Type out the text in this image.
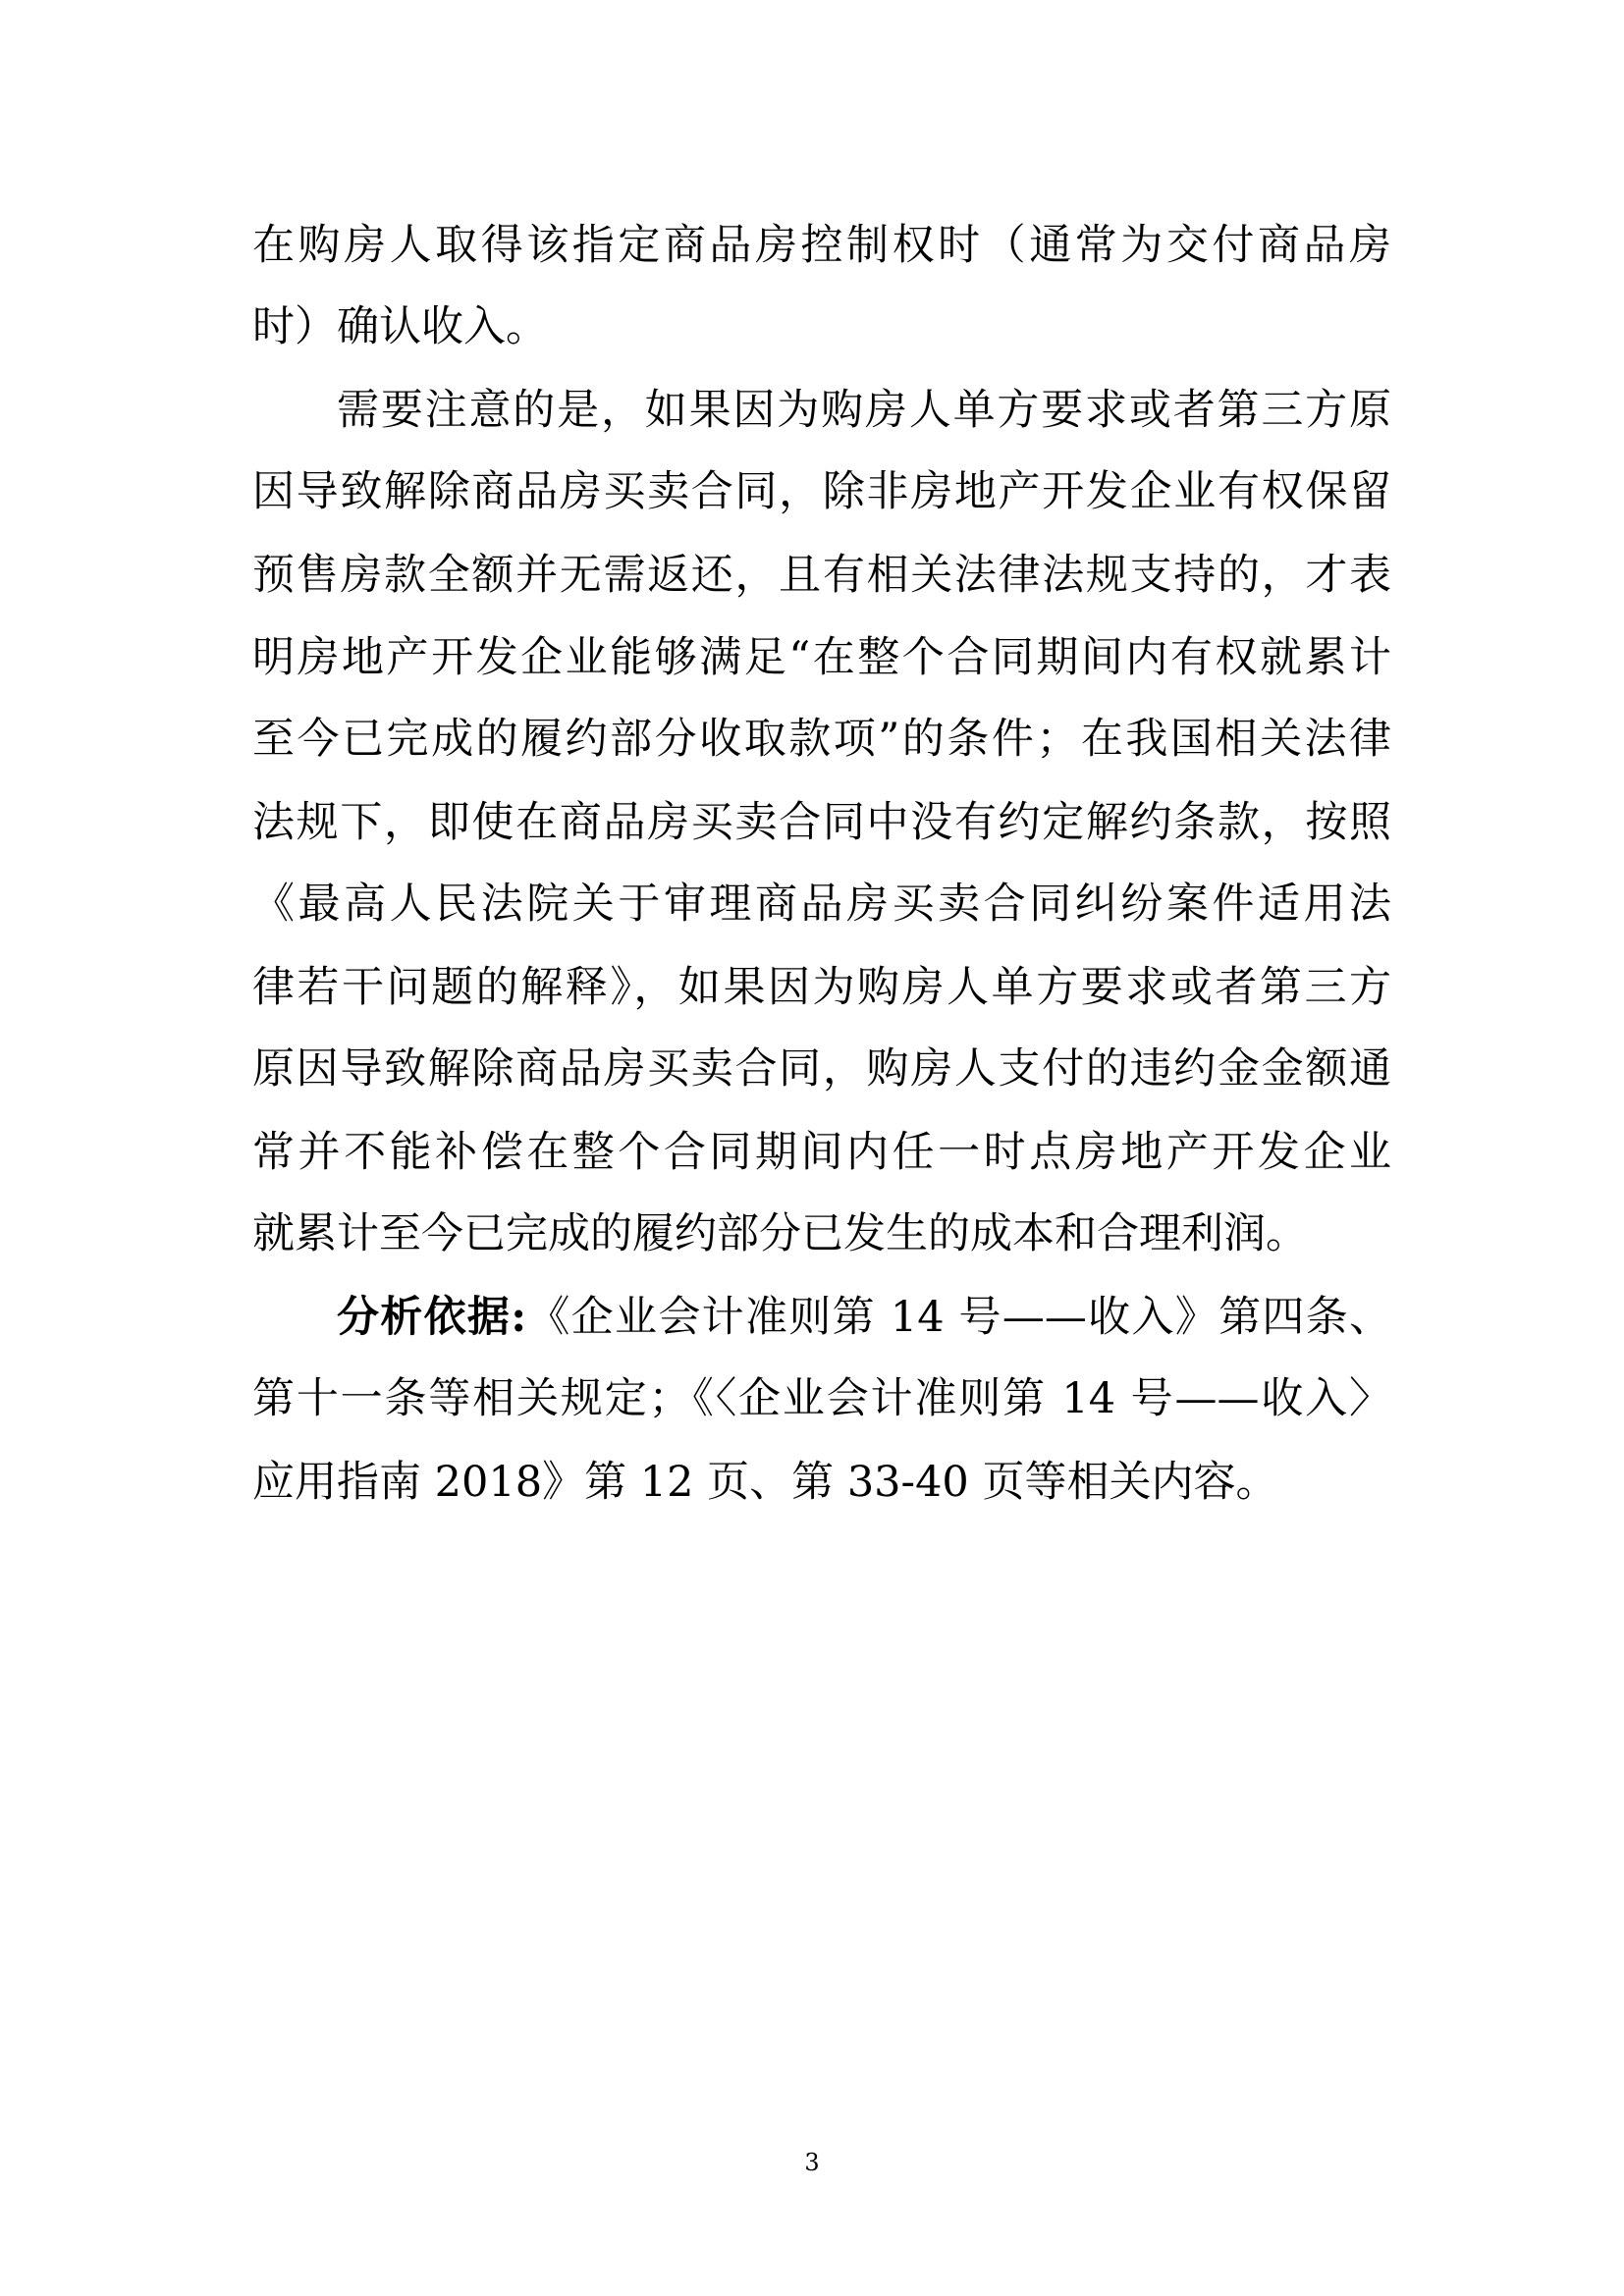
在购房人取得该指定商品房控制权时（通常为交付商品房
时）确认收入。
需要注意的是，如果因为购房人单方要求或者第三方原
因导致解除商品房买卖合同，除非房地产开发企业有权保留
预售房款全额并无需返还，且有相关法律法规支持的，才表
明房地产开发企业能够满足“在整个合同期间内有权就累计
至今已完成的履约部分收取款项”的条件；在我国相关法律
法规下，即使在商品房买卖合同中没有约定解约条款，按照
《最高人民法院关于审理商品房买卖合同纠纷案件适用法
律若干问题的解释》，如果因为购房人单方要求或者第三方
原因导致解除商品房买卖合同，购房人支付的违约金金额通
常并不能补偿在整个合同期间内任一时点房地产开发企业
就累计至今已完成的履约部分已发生的成本和合理利润。
分析依据:《企业会计准则第 14 号——收入》第四条、
第十一条等相关规定；《〈企业会计准则第 14 号——收入〉
应用指南 2018》第 12 页、第 33-40 页等相关内容。
3
